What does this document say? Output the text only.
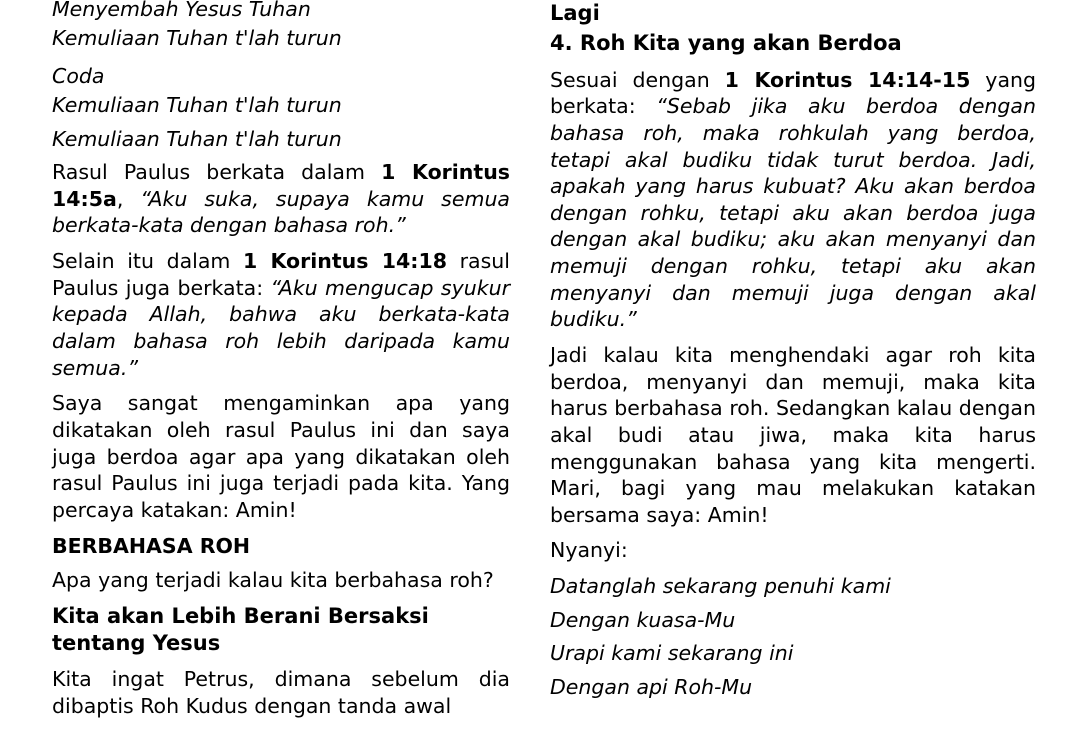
Menyembah Yesus Tuhan

Kemuliaan Tuhan t'lah turun

Coda

Kemuliaan Tuhan t'lah turun

Kemuliaan Tuhan t'lah turun

Rasul Paulus berkata dalam 1 Korintus 14:5a, “Aku suka, supaya kamu semua berkata-kata dengan bahasa roh.”

Selain itu dalam 1 Korintus 14:18 rasul Paulus juga berkata: “Aku mengucap syukur kepada Allah, bahwa aku berkata-kata dalam bahasa roh lebih daripada kamu semua.”

Saya sangat mengaminkan apa yang dikatakan oleh rasul Paulus ini dan saya juga berdoa agar apa yang dikatakan oleh rasul Paulus ini juga terjadi pada kita. Yang percaya katakan: Amin!

BERBAHASA ROH

Apa yang terjadi kalau kita berbahasa roh?

Kita akan Lebih Berani Bersaksi tentang Yesus

Kita ingat Petrus, dimana sebelum dia dibaptis Roh Kudus dengan tanda awal

Lagi

4. Roh Kita yang akan Berdoa

Sesuai dengan 1 Korintus 14:14-15 yang berkata: “Sebab jika aku berdoa dengan bahasa roh, maka rohkulah yang berdoa, tetapi akal budiku tidak turut berdoa. Jadi, apakah yang harus kubuat? Aku akan berdoa dengan rohku, tetapi aku akan berdoa juga dengan akal budiku; aku akan menyanyi dan memuji dengan rohku, tetapi aku akan menyanyi dan memuji juga dengan akal budiku.”

Jadi kalau kita menghendaki agar roh kita berdoa, menyanyi dan memuji, maka kita harus berbahasa roh. Sedangkan kalau dengan akal budi atau jiwa, maka kita harus menggunakan bahasa yang kita mengerti. Mari, bagi yang mau melakukan katakan bersama saya: Amin!

Nyanyi:

Datanglah sekarang penuhi kami

Dengan kuasa-Mu

Urapi kami sekarang ini

Dengan api Roh-Mu
